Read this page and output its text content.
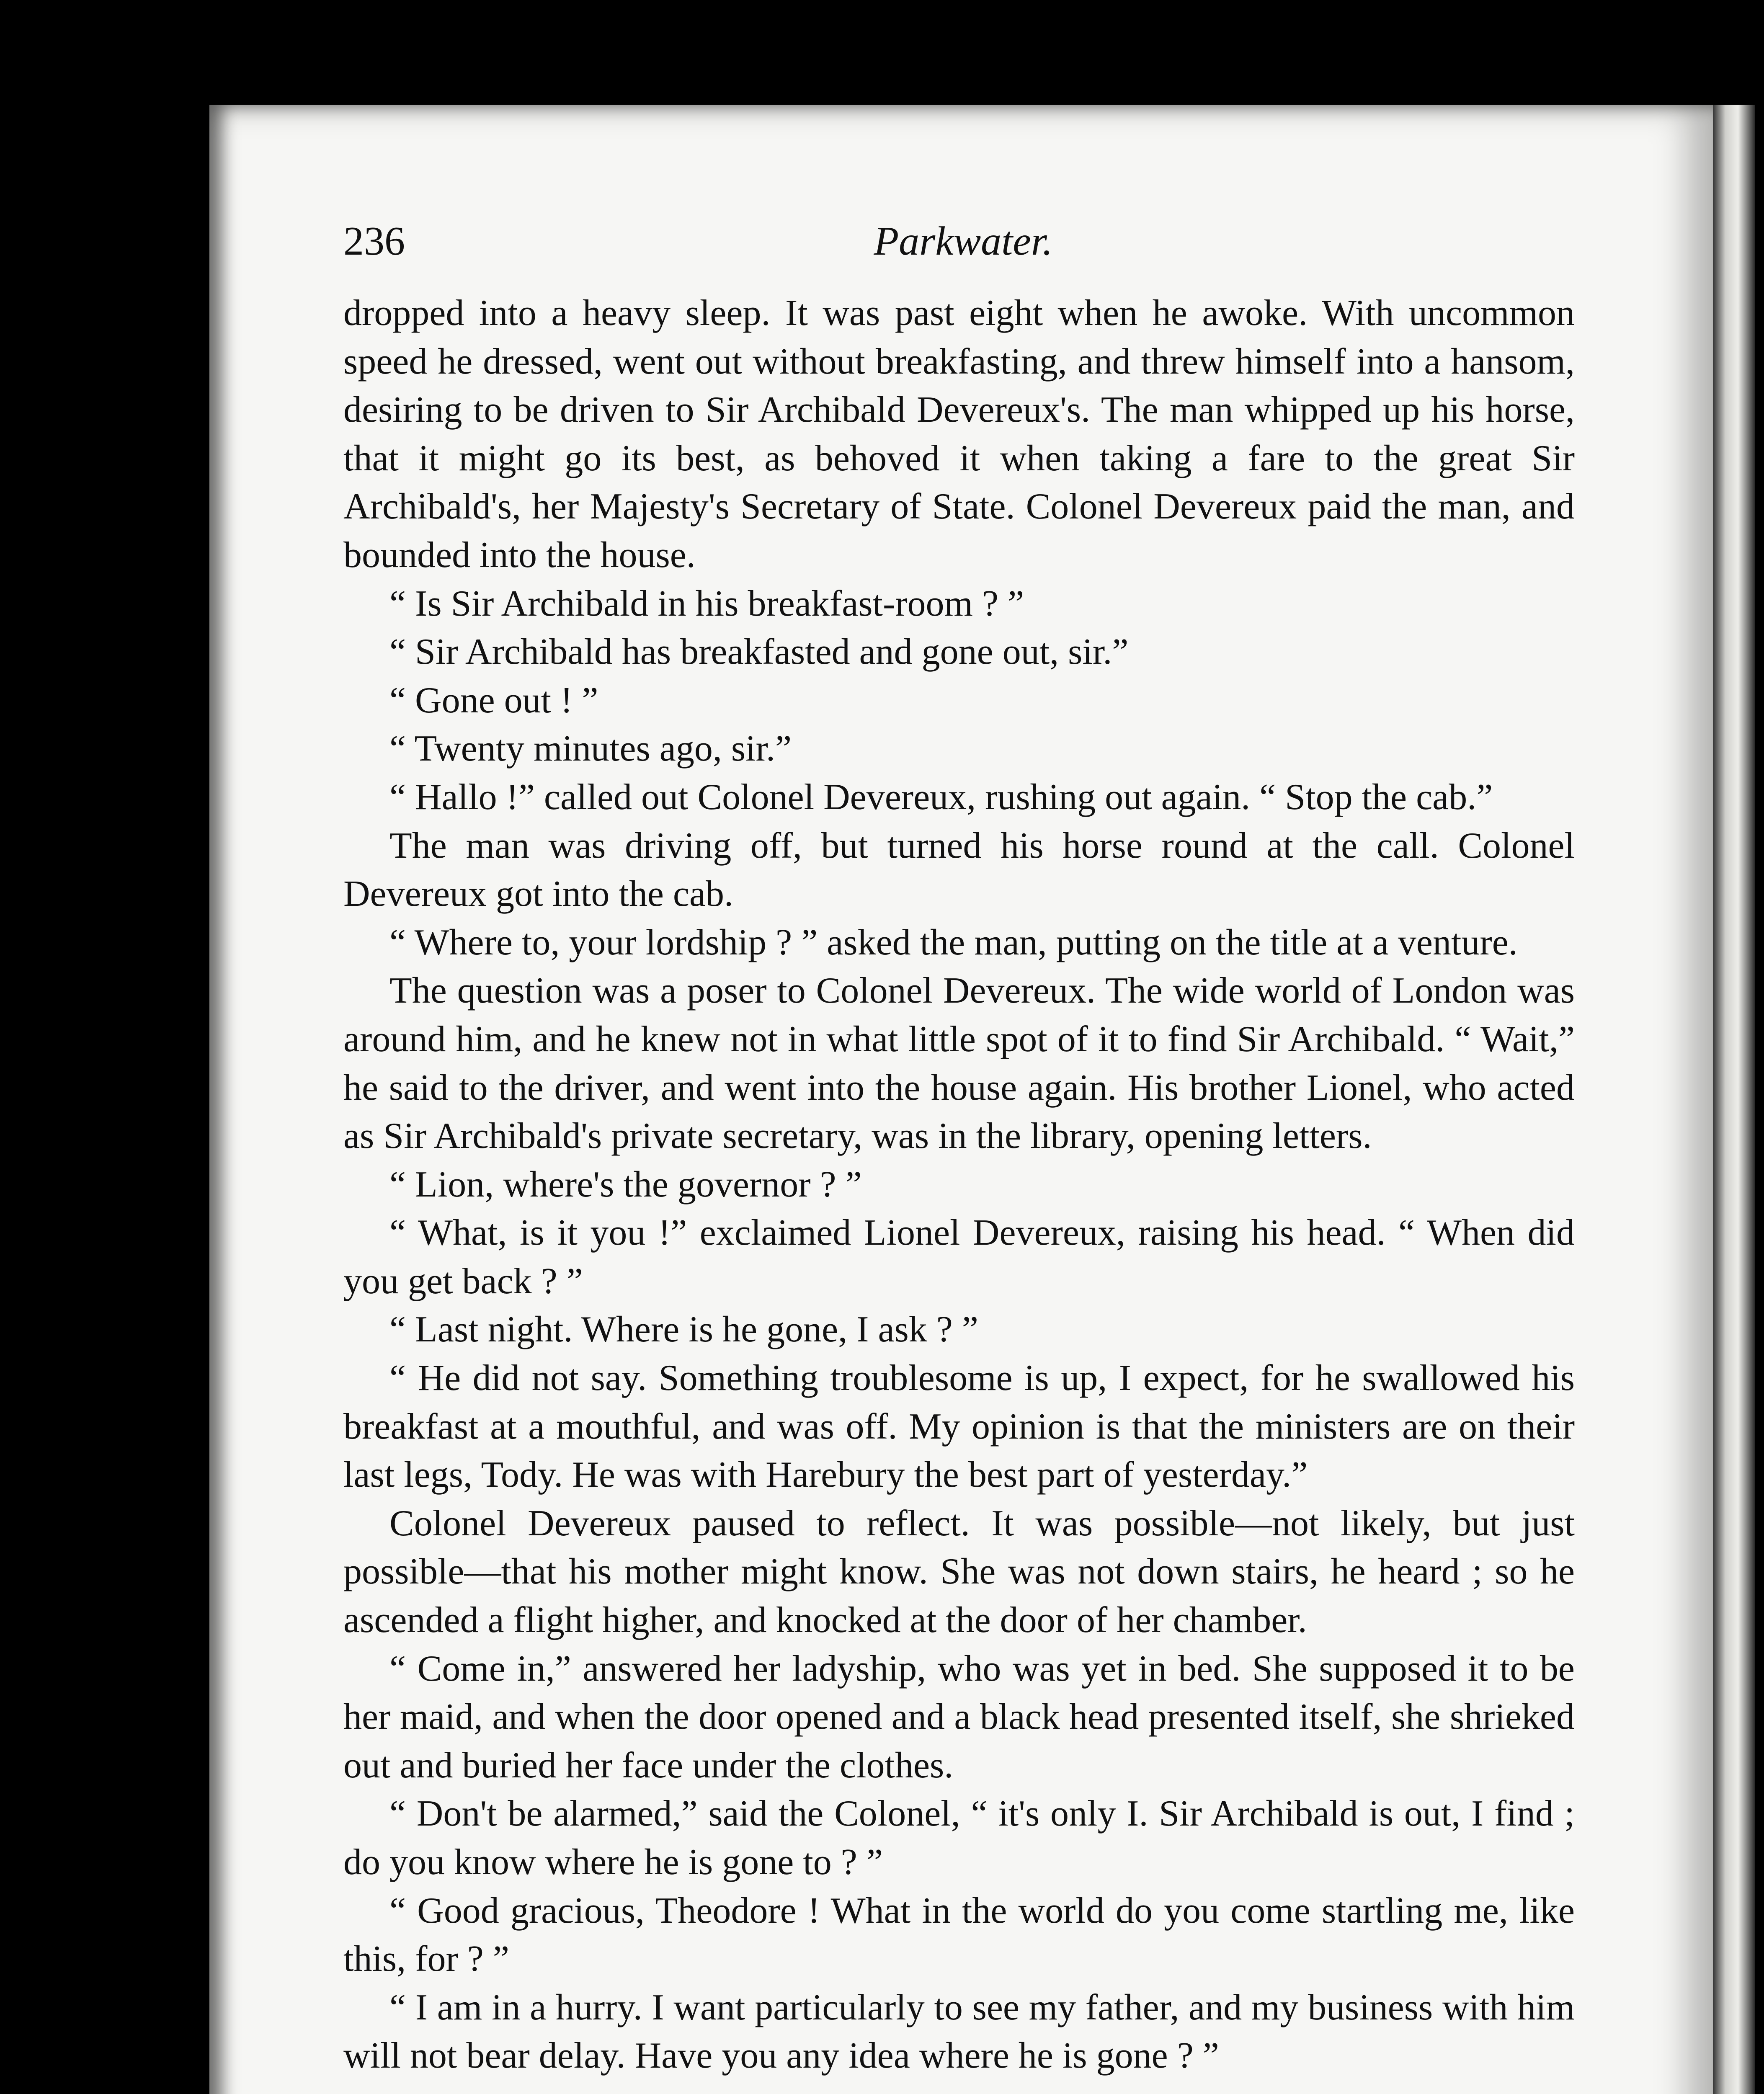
236	Parkwater.

dropped into a heavy sleep. It was past eight when he awoke. With uncommon speed he dressed, went out without breakfasting, and threw himself into a hansom, desiring to be driven to Sir Archibald Devereux's. The man whipped up his horse, that it might go its best, as behoved it when taking a fare to the great Sir Archibald's, her Majesty's Secretary of State. Colonel Devereux paid the man, and bounded into the house.

“ Is Sir Archibald in his breakfast-room ? ”

“ Sir Archibald has breakfasted and gone out, sir.”

“ Gone out ! ”

“ Twenty minutes ago, sir.”

“ Hallo !” called out Colonel Devereux, rushing out again. “ Stop the cab.”

The man was driving off, but turned his horse round at the call. Colonel Devereux got into the cab.

“ Where to, your lordship ? ” asked the man, putting on the title at a venture.

The question was a poser to Colonel Devereux. The wide world of London was around him, and he knew not in what little spot of it to find Sir Archibald. “ Wait,” he said to the driver, and went into the house again. His brother Lionel, who acted as Sir Archibald's private secretary, was in the library, opening letters.

“ Lion, where's the governor ? ”

“ What, is it you !” exclaimed Lionel Devereux, raising his head. “ When did you get back ? ”

“ Last night. Where is he gone, I ask ? ”

“ He did not say. Something troublesome is up, I expect, for he swallowed his breakfast at a mouthful, and was off. My opinion is that the ministers are on their last legs, Tody. He was with Harebury the best part of yesterday.”

Colonel Devereux paused to reflect. It was possible—not likely, but just possible—that his mother might know. She was not down stairs, he heard ; so he ascended a flight higher, and knocked at the door of her chamber.

“ Come in,” answered her ladyship, who was yet in bed. She supposed it to be her maid, and when the door opened and a black head presented itself, she shrieked out and buried her face under the clothes.

“ Don't be alarmed,” said the Colonel, “ it's only I. Sir Archibald is out, I find ; do you know where he is gone to ? ”

“ Good gracious, Theodore ! What in the world do you come startling me, like this, for ? ”

“ I am in a hurry. I want particularly to see my father, and my business with him will not bear delay. Have you any idea where he is gone ? ”
